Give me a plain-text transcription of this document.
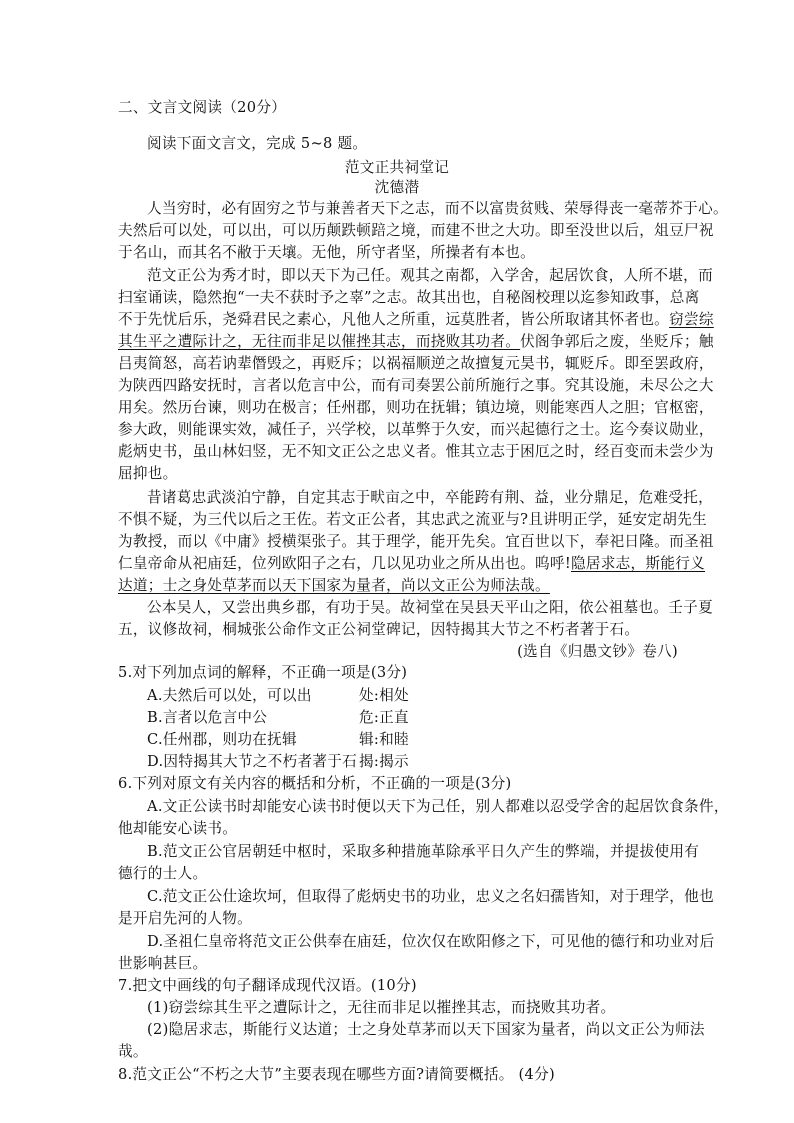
二、文言文阅读（20分）
阅读下面文言文，完成 5~8 题。
范文正共祠堂记
沈德潜
人当穷时，必有固穷之节与兼善者天下之志，而不以富贵贫贱、荣辱得丧一毫蒂芥于心。
夫然后可以处，可以出，可以历颠跌顿踣之境，而建不世之大功。即至没世以后，俎豆尸祝
于名山，而其名不敝于天壤。无他，所守者坚，所操者有本也。
范文正公为秀才时，即以天下为己任。观其之南都，入学舍，起居饮食，人所不堪，而
扫室诵读，隐然抱“一夫不获时予之辜”之志。故其出也，自秘阁校理以迄参知政事，总离
不于先忧后乐，尧舜君民之素心，凡他人之所重，远莫胜者，皆公所取诸其怀者也。窃尝综
其生平之遭际计之，无往而非足以催挫其志，而挠败其功者。伏阁争郭后之废，坐贬斥；触
吕夷简怒，高若讷辈僭毁之，再贬斥；以祸福顺逆之故擅复元昊书，辄贬斥。即至罢政府，
为陕西四路安抚时，言者以危言中公，而有司奏罢公前所施行之事。究其设施，未尽公之大
用矣。然历台谏，则功在极言；任州郡，则功在抚辑；镇边境，则能寒西人之胆；官枢密，
参大政，则能课实效，减任子，兴学校，以革弊于久安，而兴起德行之士。迄今奏议勋业，
彪炳史书，虽山林妇竖，无不知文正公之忠义者。惟其立志于困厄之时，经百变而未尝少为
屈抑也。
昔诸葛忠武淡泊宁静，自定其志于畎亩之中，卒能跨有荆、益，业分鼎足，危难受托，
不惧不疑，为三代以后之王佐。若文正公者，其忠武之流亚与?且讲明正学，延安定胡先生
为教授，而以《中庸》授横渠张子。其于理学，能开先矣。宜百世以下，奉祀日隆。而圣祖
仁皇帝命从祀庙廷，位列欧阳子之右，几以见功业之所从出也。呜呼!隐居求志，斯能行义
达道；士之身处草茅而以天下国家为量者，尚以文正公为师法哉。
公本吴人，又尝出典乡郡，有功于吴。故祠堂在吴县天平山之阳，依公祖墓也。壬子夏
五，议修故祠，桐城张公命作文正公祠堂碑记，因特揭其大节之不朽者著于石。
(选自《归愚文钞》卷八)
5.对下列加点词的解释，不正确一项是(3分)
A.夫然后可以处，可以出	处:相处
B.言者以危言中公	危:正直
C.任州郡，则功在抚辑	辑:和睦
D.因特揭其大节之不朽者著于石 揭:揭示
6.下列对原文有关内容的概括和分析，不正确的一项是(3分)
A.文正公读书时却能安心读书时便以天下为己任，别人都难以忍受学舍的起居饮食条件，
他却能安心读书。
B.范文正公官居朝廷中枢时，采取多种措施革除承平日久产生的弊端，并提拔使用有
德行的士人。
C.范文正公仕途坎坷，但取得了彪炳史书的功业，忠义之名妇孺皆知，对于理学，他也
是开启先河的人物。
D.圣祖仁皇帝将范文正公供奉在庙廷，位次仅在欧阳修之下，可见他的德行和功业对后
世影响甚巨。
7.把文中画线的句子翻译成现代汉语。(10分)
(1)窃尝综其生平之遭际计之，无往而非足以摧挫其志，而挠败其功者。
(2)隐居求志，斯能行义达道；士之身处草茅而以天下国家为量者，尚以文正公为师法
哉。
8.范文正公“不朽之大节”主要表现在哪些方面?请简要概括。 (4分)
